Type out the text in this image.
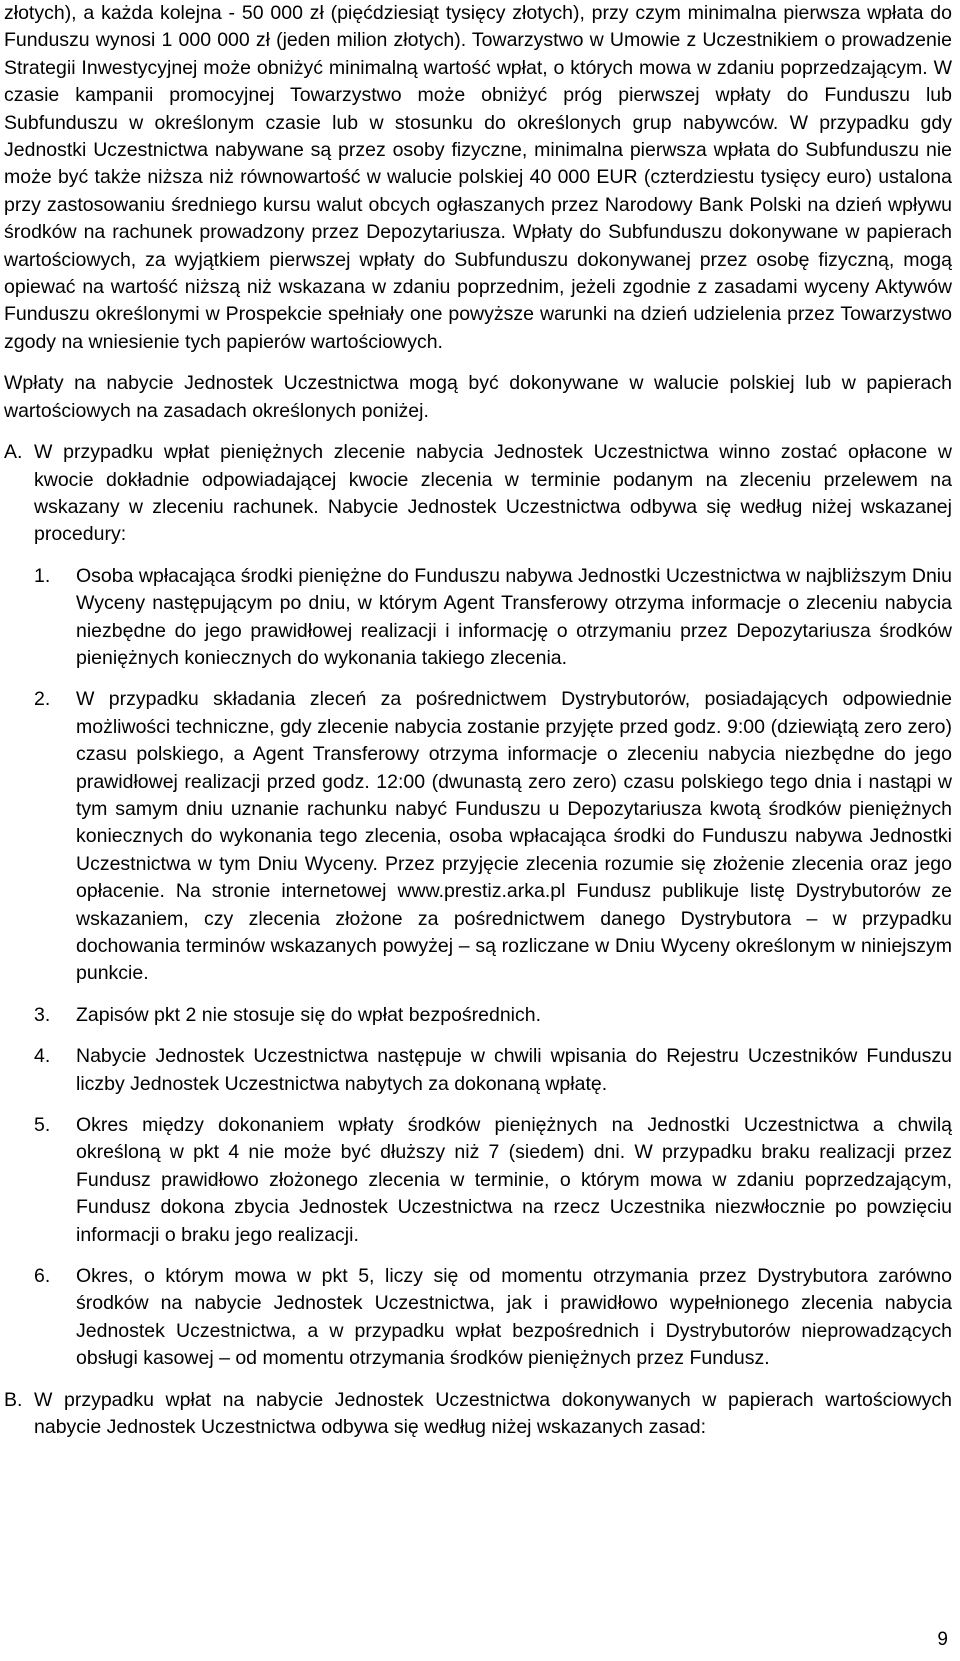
złotych), a każda kolejna - 50 000 zł (pięćdziesiąt tysięcy złotych), przy czym minimalna pierwsza wpłata do Funduszu wynosi 1 000 000 zł (jeden milion złotych). Towarzystwo w Umowie z Uczestnikiem o prowadzenie Strategii Inwestycyjnej może obniżyć minimalną wartość wpłat, o których mowa w zdaniu poprzedzającym. W czasie kampanii promocyjnej Towarzystwo może obniżyć próg pierwszej wpłaty do Funduszu lub Subfunduszu w określonym czasie lub w stosunku do określonych grup nabywców. W przypadku gdy Jednostki Uczestnictwa nabywane są przez osoby fizyczne, minimalna pierwsza wpłata do Subfunduszu nie może być także niższa niż równowartość w walucie polskiej 40 000 EUR (czterdziestu tysięcy euro) ustalona przy zastosowaniu średniego kursu walut obcych ogłaszanych przez Narodowy Bank Polski na dzień wpływu środków na rachunek prowadzony przez Depozytariusza. Wpłaty do Subfunduszu dokonywane w papierach wartościowych, za wyjątkiem pierwszej wpłaty do Subfunduszu dokonywanej przez osobę fizyczną, mogą opiewać na wartość niższą niż wskazana w zdaniu poprzednim, jeżeli zgodnie z zasadami wyceny Aktywów Funduszu określonymi w Prospekcie spełniały one powyższe warunki na dzień udzielenia przez Towarzystwo zgody na wniesienie tych papierów wartościowych.

Wpłaty na nabycie Jednostek Uczestnictwa mogą być dokonywane w walucie polskiej lub w papierach wartościowych na zasadach określonych poniżej.

A. W przypadku wpłat pieniężnych zlecenie nabycia Jednostek Uczestnictwa winno zostać opłacone w kwocie dokładnie odpowiadającej kwocie zlecenia w terminie podanym na zleceniu przelewem na wskazany w zleceniu rachunek. Nabycie Jednostek Uczestnictwa odbywa się według niżej wskazanej procedury:

1.	Osoba wpłacająca środki pieniężne do Funduszu nabywa Jednostki Uczestnictwa w najbliższym Dniu Wyceny następującym po dniu, w którym Agent Transferowy otrzyma informacje o zleceniu nabycia niezbędne do jego prawidłowej realizacji i informację o otrzymaniu przez Depozytariusza środków pieniężnych koniecznych do wykonania takiego zlecenia.
2.	W przypadku składania zleceń za pośrednictwem Dystrybutorów, posiadających odpowiednie możliwości techniczne, gdy zlecenie nabycia zostanie przyjęte przed godz. 9:00 (dziewiątą zero zero) czasu polskiego, a Agent Transferowy otrzyma informacje o zleceniu nabycia niezbędne do jego prawidłowej realizacji przed godz. 12:00 (dwunastą zero zero) czasu polskiego tego dnia i nastąpi w tym samym dniu uznanie rachunku nabyć Funduszu u Depozytariusza kwotą środków pieniężnych koniecznych do wykonania tego zlecenia, osoba wpłacająca środki do Funduszu nabywa Jednostki Uczestnictwa w tym Dniu Wyceny. Przez przyjęcie zlecenia rozumie się złożenie zlecenia oraz jego opłacenie. Na stronie internetowej www.prestiz.arka.pl Fundusz publikuje listę Dystrybutorów ze wskazaniem, czy zlecenia złożone za pośrednictwem danego Dystrybutora – w przypadku dochowania terminów wskazanych powyżej – są rozliczane w Dniu Wyceny określonym w niniejszym punkcie.
3.	Zapisów pkt 2 nie stosuje się do wpłat bezpośrednich.
4.	Nabycie Jednostek Uczestnictwa następuje w chwili wpisania do Rejestru Uczestników Funduszu liczby Jednostek Uczestnictwa nabytych za dokonaną wpłatę.
5.	Okres między dokonaniem wpłaty środków pieniężnych na Jednostki Uczestnictwa a chwilą określoną w pkt 4 nie może być dłuższy niż 7 (siedem) dni. W przypadku braku realizacji przez Fundusz prawidłowo złożonego zlecenia w terminie, o którym mowa w zdaniu poprzedzającym, Fundusz dokona zbycia Jednostek Uczestnictwa na rzecz Uczestnika niezwłocznie po powzięciu informacji o braku jego realizacji.
6.	Okres, o którym mowa w pkt 5, liczy się od momentu otrzymania przez Dystrybutora zarówno środków na nabycie Jednostek Uczestnictwa, jak i prawidłowo wypełnionego zlecenia nabycia Jednostek Uczestnictwa, a w przypadku wpłat bezpośrednich i Dystrybutorów nieprowadzących obsługi kasowej – od momentu otrzymania środków pieniężnych przez Fundusz.
B. W przypadku wpłat na nabycie Jednostek Uczestnictwa dokonywanych w papierach wartościowych nabycie Jednostek Uczestnictwa odbywa się według niżej wskazanych zasad:

9
